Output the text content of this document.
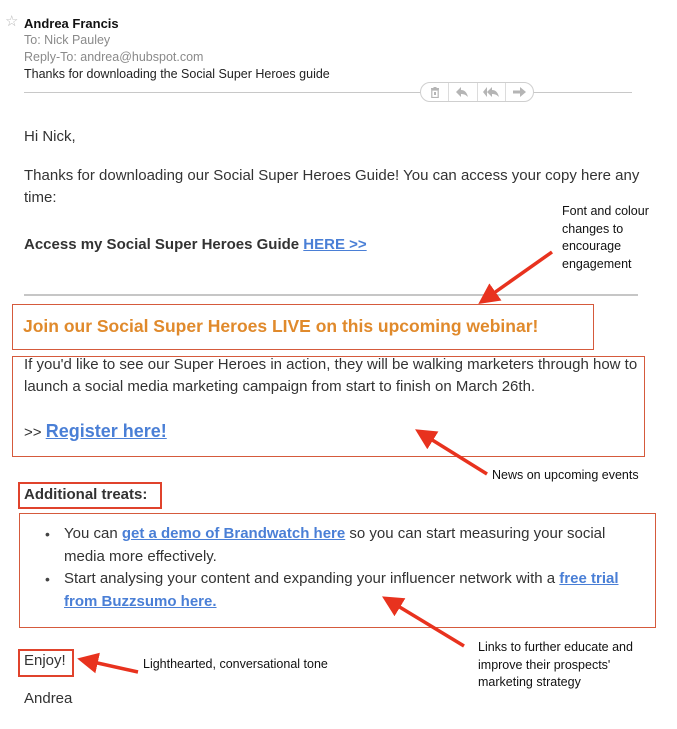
☆ Andrea Francis
To: Nick Pauley
Reply-To: andrea@hubspot.com
Thanks for downloading the Social Super Heroes guide
Hi Nick,
Thanks for downloading our Social Super Heroes Guide! You can access your copy here any time:
Access my Social Super Heroes Guide HERE >>
Join our Social Super Heroes LIVE on this upcoming webinar!
If you'd like to see our Super Heroes in action, they will be walking marketers through how to launch a social media marketing campaign from start to finish on March 26th.
>> Register here!
Additional treats:
• You can get a demo of Brandwatch here so you can start measuring your social media more effectively.
• Start analysing your content and expanding your influencer network with a free trial from Buzzsumo here.
Enjoy!
Andrea
Font and colour changes to encourage engagement
News on upcoming events
Links to further educate and improve their prospects' marketing strategy
Lighthearted, conversational tone
